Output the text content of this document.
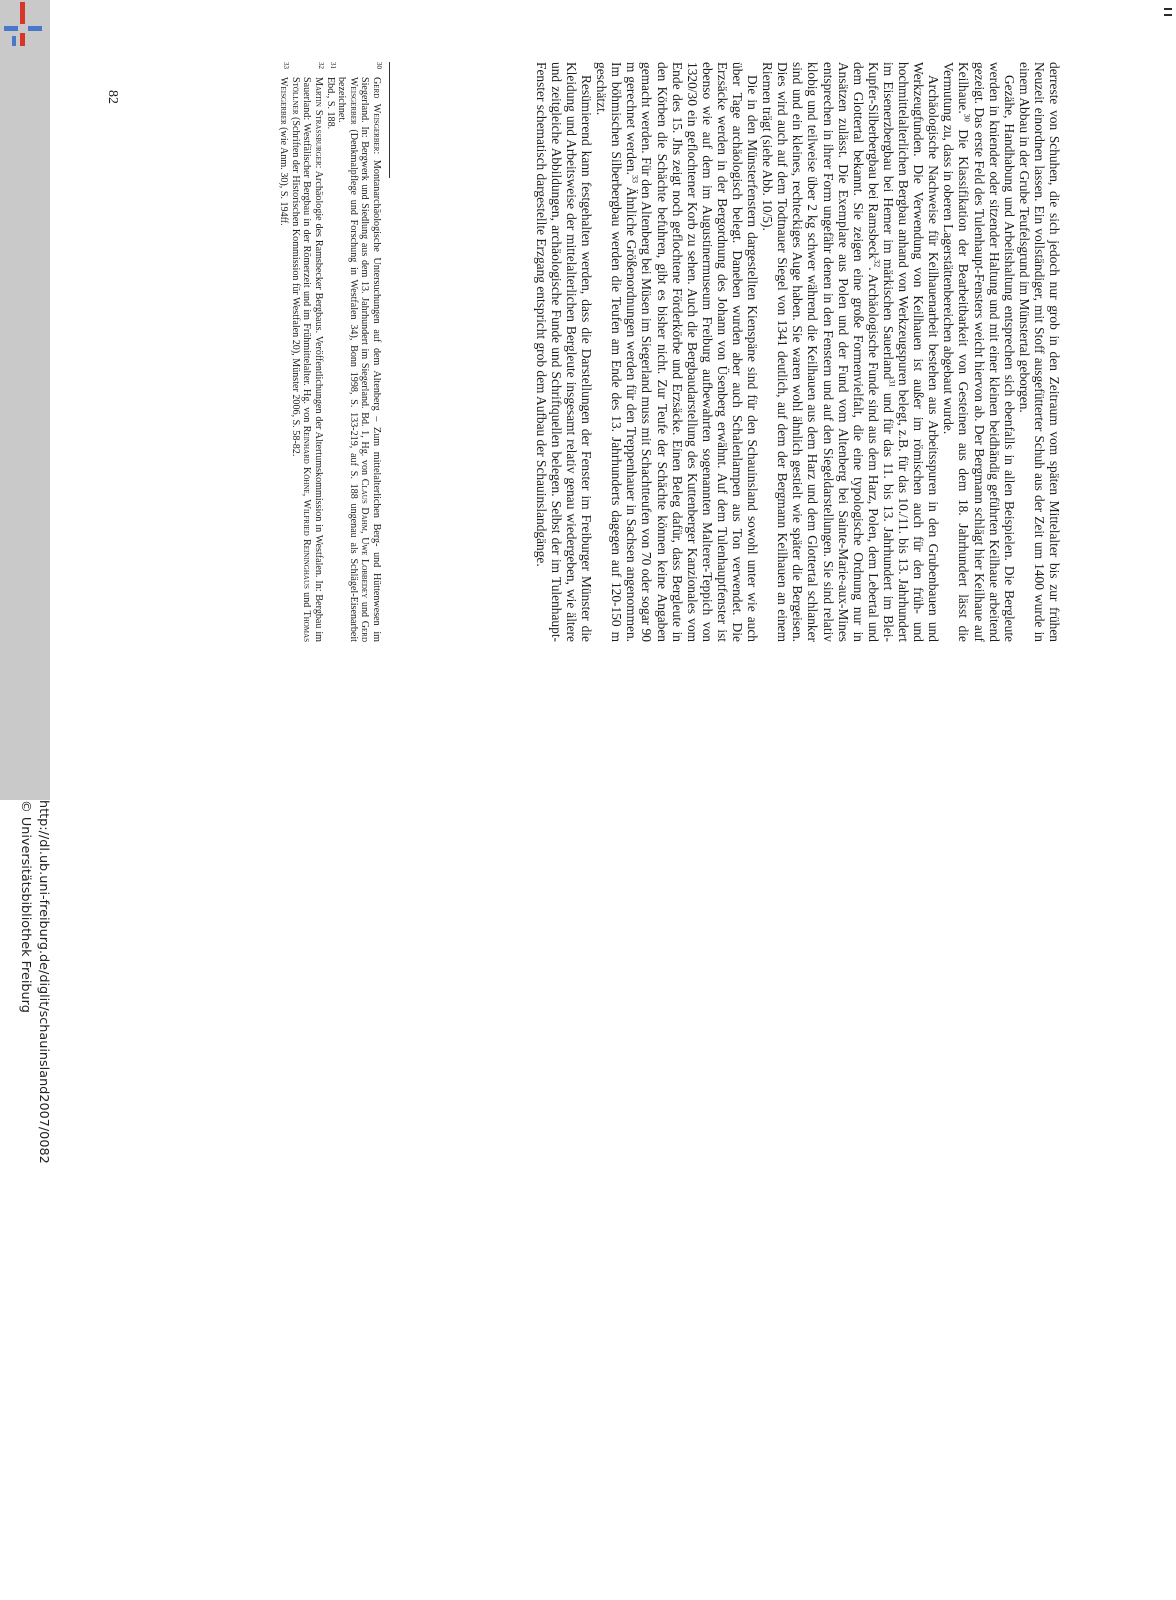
derreste von Schuhen, die sich jedoch nur grob in den Zeitraum vom späten Mittelalter bis zur frühen Neuzeit einordnen lassen. Ein vollständiger, mit Stoff ausgefütterter Schuh aus der Zeit um 1400 wurde in einem Abbau in der Grube Teufelsgrund im Münstertal geborgen.

Gezähe, Handhabung und Arbeitshaltung entsprechen sich ebenfalls in allen Beispielen. Die Bergleute werden in kniender oder sitzender Haltung und mit einer kleinen beidhändig geführten Keilhaue arbeitend gezeigt. Das erste Feld des Tulenhaupt-Fensters weicht hiervon ab. Der Bergmann schlägt hier Keilhaue auf Keilhaue.$^{30}$ Die Klassifikation der Bearbeitbarkeit von Gesteinen aus dem 18. Jahrhundert lässt die Vermutung zu, dass in oberen Lagerstättenbereichen abgebaut wurde.

Archäologische Nachweise für Keilhauenarbeit bestehen aus Arbeitsspuren in den Grubenbauen und Werkzeugfunden. Die Verwendung von Keilhauen ist außer im römischen auch für den früh- und hochmittelalterlichen Bergbau anhand von Werkzeugspuren belegt, z.B. für das 10./11. bis 13. Jahrhundert im Eisenerzbergbau bei Hemer im märkischen Sauerland$^{31}$ und für das 11. bis 13. Jahrhundert im Blei-Kupfer-Silberbergbau bei Ramsbeck$^{32}$. Archäologische Funde sind aus dem Harz, Polen, dem Lebertal und dem Glottertal bekannt. Sie zeigen eine große Formenvielfalt, die eine typologische Ordnung nur in Ansätzen zulässt. Die Exemplare aus Polen und der Fund vom Altenberg bei Sainte-Marie-aux-Mines entsprechen in ihrer Form ungefähr denen in den Fenstern und auf den Siegeldarstellungen. Sie sind relativ klobig und teilweise über 2 kg schwer während die Keilhauen aus dem Harz und dem Glottertal schlanker sind und ein kleines, rechteckiges Auge haben. Sie waren wohl ähnlich gestielt wie später die Bergeisen. Dies wird auch auf dem Todtnauer Siegel von 1341 deutlich, auf dem der Bergmann Keilhauen an einem Riemen trägt (siehe Abb. 10/5).

Die in den Münsterfenstern dargestellten Kienspäne sind für den Schauinsland sowohl unter wie auch über Tage archäologisch belegt. Daneben wurden aber auch Schalenlampen aus Ton verwendet. Die Erzsäcke werden in der Bergordnung des Johann von Üsenberg erwähnt. Auf dem Tulenhauptfenster ist ebenso wie auf dem im Augustinermuseum Freiburg aufbewahrten sogenannten Malterer-Teppich von 1320/30 ein geflochtener Korb zu sehen. Auch die Bergbaudarstellung des Kuttenberger Kanzionales vom Ende des 15. Jhs zeigt noch geflochtene Förderkörbe und Erzsäcke. Einen Beleg dafür, dass Bergleute in den Körben die Schächte befuhren, gibt es bisher nicht. Zur Teufe der Schächte können keine Angaben gemacht werden. Für den Altenberg bei Müsen im Siegerland muss mit Schachtteufen von 70 oder sogar 90 m gerechnet werden.$^{33}$ Ähnliche Größenordnungen werden für den Treppenhauer in Sachsen angenommen. Im böhmischen Silberbergbau werden die Teufen am Ende des 13. Jahrhunderts dagegen auf 120-150 m geschätzt.

Resümierend kann festgehalten werden, dass die Darstellungen der Fenster im Freiburger Münster die Kleidung und Arbeitsweise der mittelalterlichen Bergleute insgesamt relativ genau wiedergeben, wie ältere und zeitgleiche Abbildungen, archäologische Funde und Schriftquellen belegen. Selbst der im Tulenhaupt-Fenster schematisch dargestellte Erzgang entspricht grob dem Aufbau der Schauinslandgänge.

30
Gerd Weisgerber: Montanarchäologische Untersuchungen auf dem Altenberg – Zum mittelalterlichen Berg- und Hüttenwesen im Siegerland. In: Bergwerk und Siedlung aus dem 13. Jahrhundert im Siegerland. Bd. 1, Hg. von Claus Dahm, Uwe Lobbedey und Gerd Weisgerber (Denkmalpflege und Forschung in Westfalen 34), Bonn 1998, S. 133-219, auf S. 188 ungenau als Schlägel-Eisenarbeit bezeichnet.
31
Ebd., S. 188.
32
Martin Straßburger: Archäologie des Ramsbecker Bergbaus. Veröffentlichungen der Altertumskommission in Westfalen. In: Bergbau im Sauerland: Westfälischer Bergbau in der Römerzeit und im Frühmittelalter. Hg. von Reinhard Köhne, Wilfried Reininghaus und Thomas Stöllner (Schriften der Historischen Kommission für Westfalen 20), Münster 2006, S. 58-82.
33
Weisgerber (wie Anm. 30), S. 194ff.
82
http://dl.ub.uni-freiburg.de/diglit/schauinsland2007/0082
© Universitätsbibliothek Freiburg
